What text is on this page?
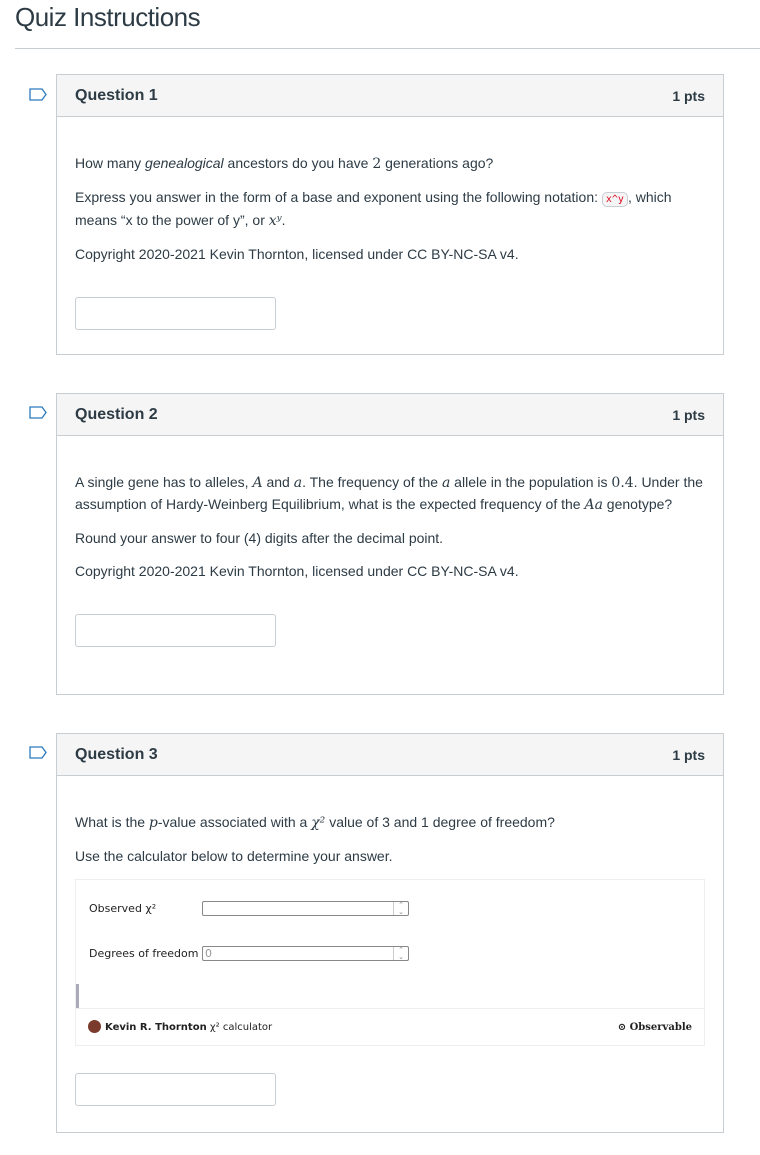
Quiz Instructions
Question 1	1 pts

How many genealogical ancestors do you have 2 generations ago?

Express you answer in the form of a base and exponent using the following notation: x^y , which means “x to the power of y”, or xʸ.

Copyright 2020-2021 Kevin Thornton, licensed under CC BY-NC-SA v4.

Question 2	1 pts

A single gene has to alleles, A and a. The frequency of the a allele in the population is 0.4. Under the assumption of Hardy-Weinberg Equilibrium, what is the expected frequency of the Aa genotype?

Round your answer to four (4) digits after the decimal point.

Copyright 2020-2021 Kevin Thornton, licensed under CC BY-NC-SA v4.

Question 3	1 pts

What is the p-value associated with a χ² value of 3 and 1 degree of freedom?

Use the calculator below to determine your answer.

Observed χ²	⌃
⌄
Degrees of freedom 0	⌃
⌄
Kevin R. Thornton χ² calculator	⊙ Observable
